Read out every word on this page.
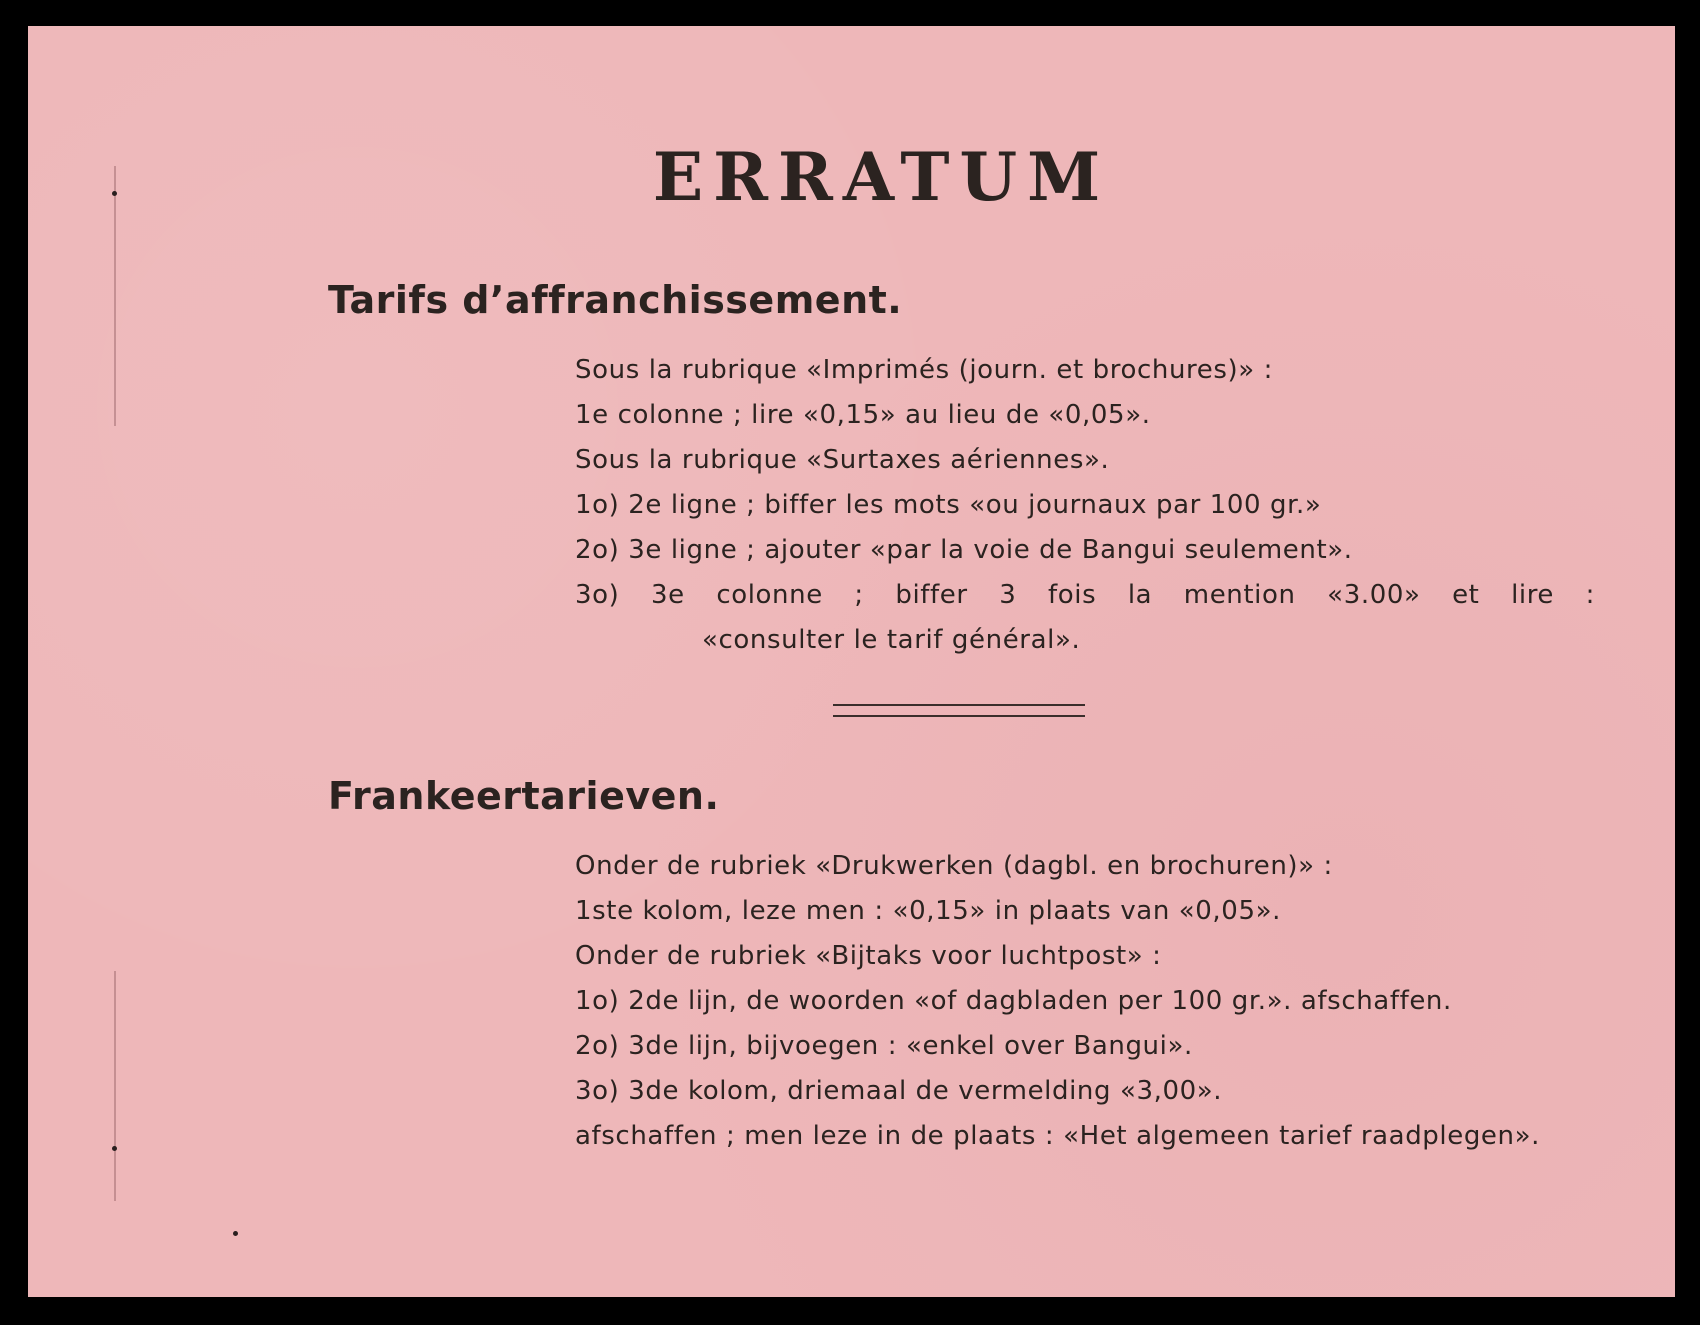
ERRATUM
Tarifs d’affranchissement.
Sous la rubrique «Imprimés (journ. et brochures)» :
1e colonne ; lire «0,15» au lieu de «0,05».
Sous la rubrique «Surtaxes aériennes».
1o) 2e ligne ; biffer les mots «ou journaux par 100 gr.»
2o) 3e ligne ; ajouter «par la voie de Bangui seulement».
3o) 3e colonne ; biffer 3 fois la mention «3.00» et lire :
«consulter le tarif général».
Frankeertarieven.
Onder de rubriek «Drukwerken (dagbl. en brochuren)» :
1ste kolom, leze men : «0,15» in plaats van «0,05».
Onder de rubriek «Bijtaks voor luchtpost» :
1o) 2de lijn, de woorden «of dagbladen per 100 gr.». afschaffen.
2o) 3de lijn, bijvoegen : «enkel over Bangui».
3o) 3de kolom, driemaal de vermelding «3,00».
afschaffen ; men leze in de plaats : «Het algemeen tarief raadplegen».
